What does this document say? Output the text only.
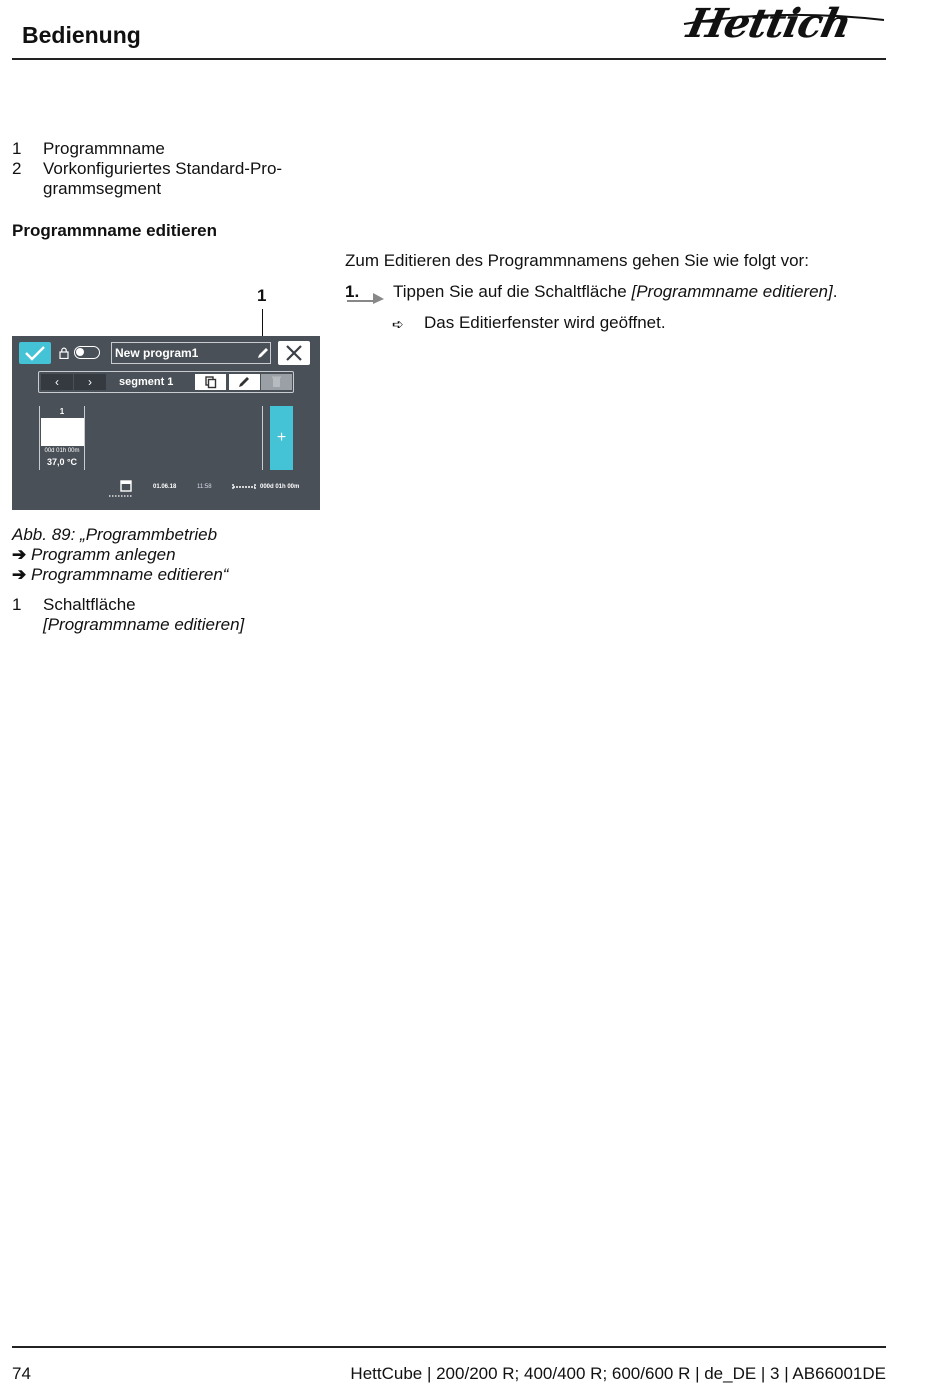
Bedienung	Hettich
1 Programmname
2 Vorkonfiguriertes Standard-Pro-
grammsegment
Programmname editieren
1
New program1
‹	›	segment 1
1
00d 01h 00m
37,0 °C
+
01.06.18	11:58	000d 01h 00m
Abb. 89: „Programmbetrieb
➔ Programm anlegen
➔ Programmname editieren“
1 Schaltfläche
[Programmname editieren]
Zum Editieren des Programmnamens gehen Sie wie folgt vor:
1. Tippen Sie auf die Schaltfläche [Programmname editieren].
➪ Das Editierfenster wird geöffnet.
74	HettCube | 200/200 R; 400/400 R; 600/600 R | de_DE | 3 | AB66001DE
